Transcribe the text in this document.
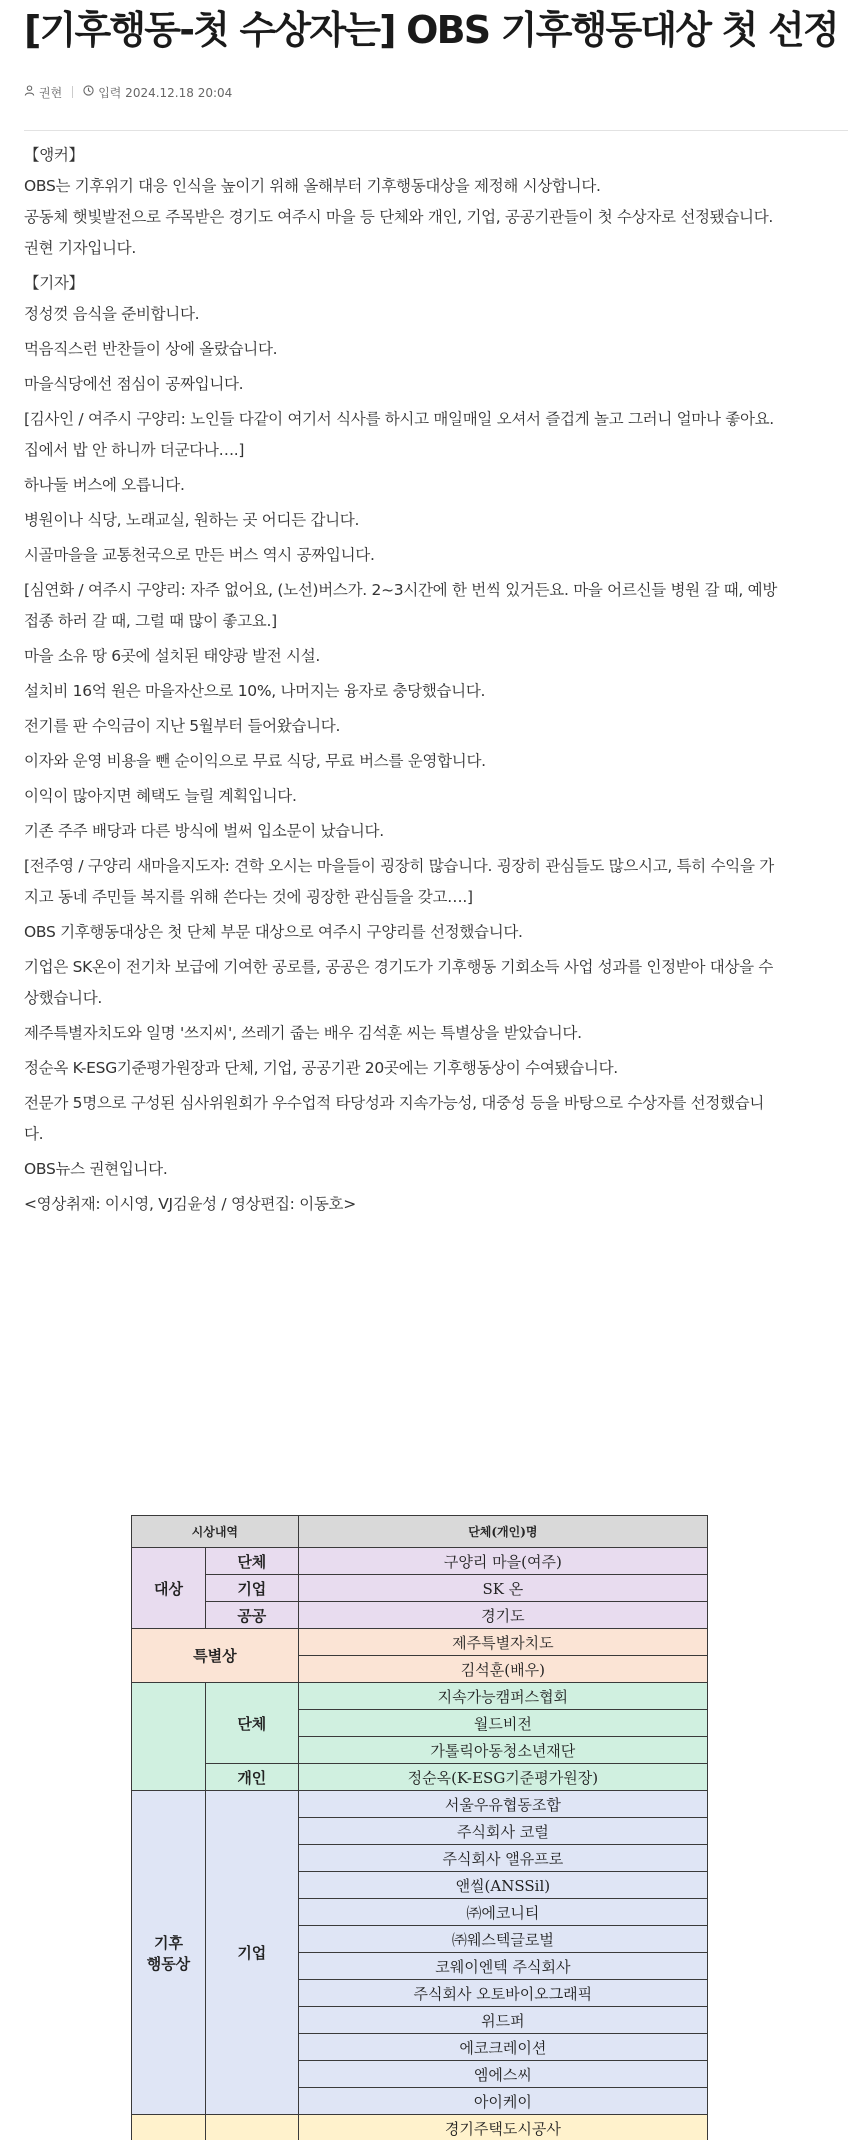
[기후행동-첫 수상자는] OBS 기후행동대상 첫 선정
권현	입력 2024.12.18 20:04

【앵커】

OBS는 기후위기 대응 인식을 높이기 위해 올해부터 기후행동대상을 제정해 시상합니다.

공동체 햇빛발전으로 주목받은 경기도 여주시 마을 등 단체와 개인, 기업, 공공기관들이 첫 수상자로 선정됐습니다.

권현 기자입니다.

【기자】

정성껏 음식을 준비합니다.

먹음직스런 반찬들이 상에 올랐습니다.

마을식당에선 점심이 공짜입니다.

[김사인 / 여주시 구양리: 노인들 다같이 여기서 식사를 하시고 매일매일 오셔서 즐겁게 놀고 그러니 얼마나 좋아요.

집에서 밥 안 하니까 더군다나….]

하나둘 버스에 오릅니다.

병원이나 식당, 노래교실, 원하는 곳 어디든 갑니다.

시골마을을 교통천국으로 만든 버스 역시 공짜입니다.

[심연화 / 여주시 구양리: 자주 없어요, (노선)버스가. 2~3시간에 한 번씩 있거든요. 마을 어르신들 병원 갈 때, 예방

접종 하러 갈 때, 그럴 때 많이 좋고요.]

마을 소유 땅 6곳에 설치된 태양광 발전 시설.

설치비 16억 원은 마을자산으로 10%, 나머지는 융자로 충당했습니다.

전기를 판 수익금이 지난 5월부터 들어왔습니다.

이자와 운영 비용을 뺀 순이익으로 무료 식당, 무료 버스를 운영합니다.

이익이 많아지면 혜택도 늘릴 계획입니다.

기존 주주 배당과 다른 방식에 벌써 입소문이 났습니다.

[전주영 / 구양리 새마을지도자: 견학 오시는 마을들이 굉장히 많습니다. 굉장히 관심들도 많으시고, 특히 수익을 가

지고 동네 주민들 복지를 위해 쓴다는 것에 굉장한 관심들을 갖고….]

OBS 기후행동대상은 첫 단체 부문 대상으로 여주시 구양리를 선정했습니다.

기업은 SK온이 전기차 보급에 기여한 공로를, 공공은 경기도가 기후행동 기회소득 사업 성과를 인정받아 대상을 수

상했습니다.

제주특별자치도와 일명 '쓰지씨', 쓰레기 줍는 배우 김석훈 씨는 특별상을 받았습니다.

정순옥 K-ESG기준평가원장과 단체, 기업, 공공기관 20곳에는 기후행동상이 수여됐습니다.

전문가 5명으로 구성된 심사위원회가 우수업적 타당성과 지속가능성, 대중성 등을 바탕으로 수상자를 선정했습니

다.

OBS뉴스 권현입니다.

<영상취재: 이시영, VJ김윤성 / 영상편집: 이동호>

시상내역		단체(개인)명
대상	단체	구양리 마을(여주)
	기업	SK 온
	공공	경기도
특별상		제주특별자치도
		김석훈(배우)
	단체	지속가능캠퍼스협회
		월드비전
		가톨릭아동청소년재단
	개인	정순옥(K-ESG기준평가원장)
기후
행동상	기업	서울우유협동조합
		주식회사 코럴
		주식회사 앨유프로
		앤씰(ANSSil)
		㈜에코니티
		㈜웨스텍글로벌
		코웨이엔텍 주식회사
		주식회사 오토바이오그래픽
		위드퍼
		에코크레이션
		엠에스씨
		아이케이
		경기주택도시공사
